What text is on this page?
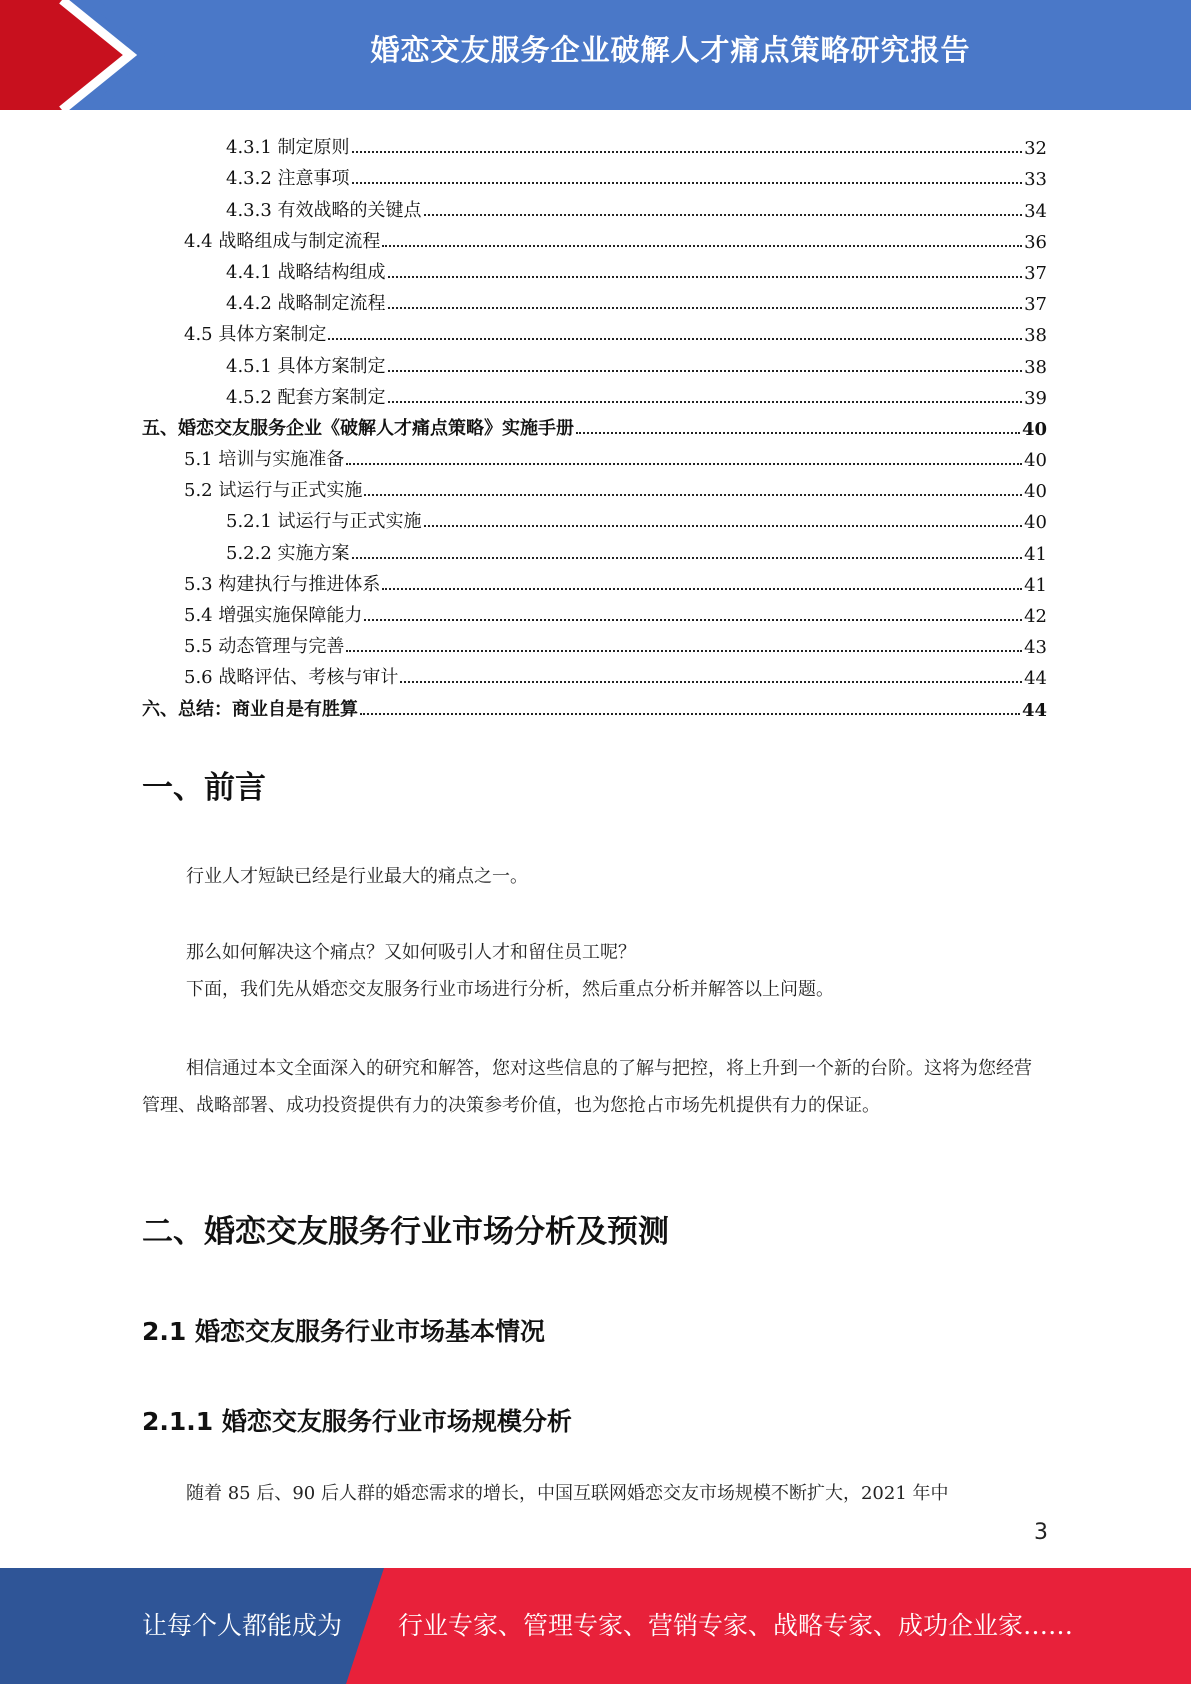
婚恋交友服务企业破解人才痛点策略研究报告
4.3.1 制定原则	32
4.3.2 注意事项	33
4.3.3 有效战略的关键点	34
4.4 战略组成与制定流程	36
4.4.1 战略结构组成	37
4.4.2 战略制定流程	37
4.5 具体方案制定	38
4.5.1 具体方案制定	38
4.5.2 配套方案制定	39
五、婚恋交友服务企业《破解人才痛点策略》实施手册	40
5.1 培训与实施准备	40
5.2 试运行与正式实施	40
5.2.1 试运行与正式实施	40
5.2.2 实施方案	41
5.3 构建执行与推进体系	41
5.4 增强实施保障能力	42
5.5 动态管理与完善	43
5.6 战略评估、考核与审计	44
六、总结：商业自是有胜算	44
一、前言
行业人才短缺已经是行业最大的痛点之一。
那么如何解决这个痛点？又如何吸引人才和留住员工呢？
下面，我们先从婚恋交友服务行业市场进行分析，然后重点分析并解答以上问题。
相信通过本文全面深入的研究和解答，您对这些信息的了解与把控，将上升到一个新的台阶。这将为您经营管理、战略部署、成功投资提供有力的决策参考价值，也为您抢占市场先机提供有力的保证。
二、婚恋交友服务行业市场分析及预测
2.1 婚恋交友服务行业市场基本情况
2.1.1 婚恋交友服务行业市场规模分析
随着 85 后、90 后人群的婚恋需求的增长，中国互联网婚恋交友市场规模不断扩大，2021 年中
3
让每个人都能成为 行业专家、管理专家、营销专家、战略专家、成功企业家……
